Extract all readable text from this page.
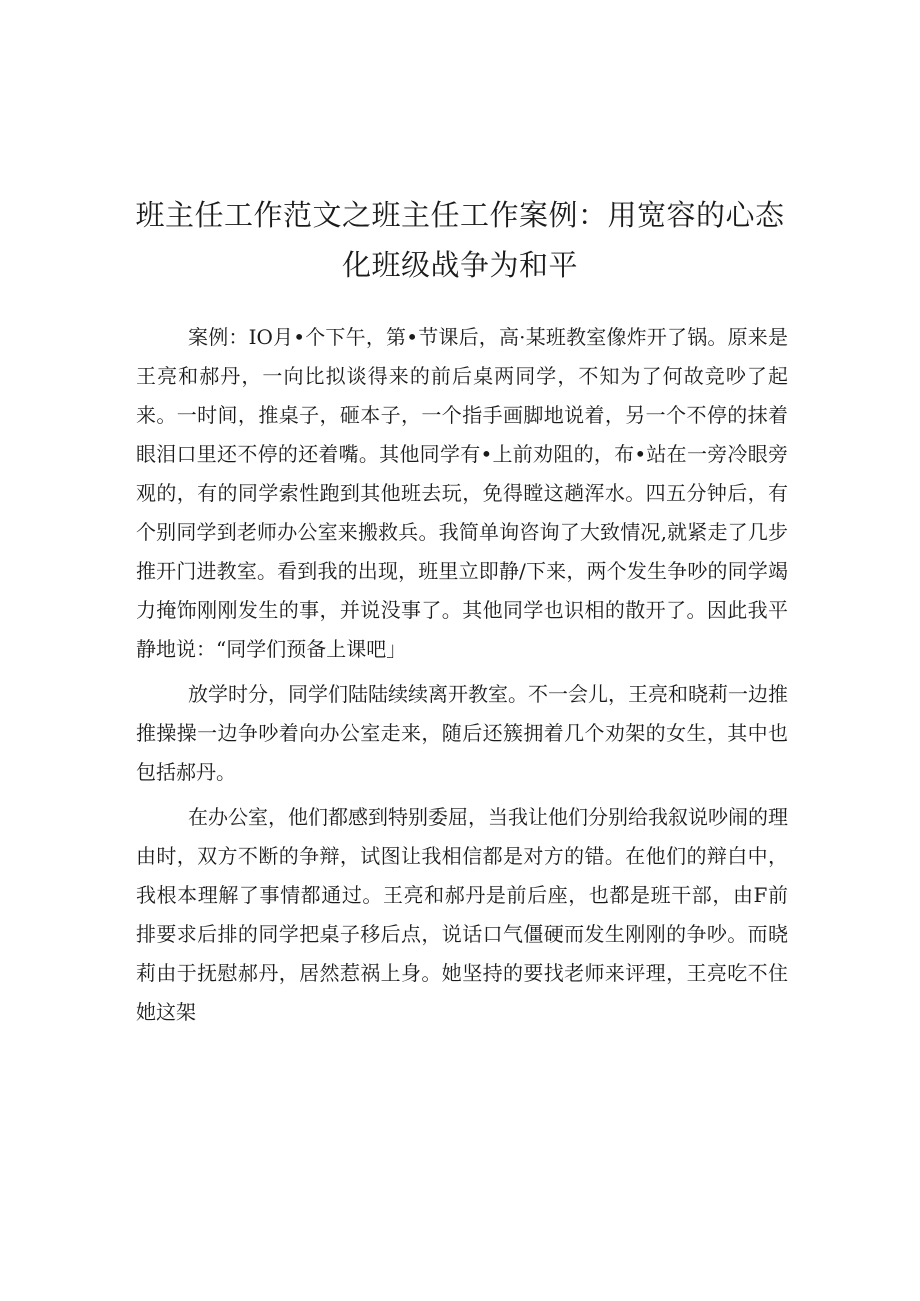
班主任工作范文之班主任工作案例：用宽容的心态化班级战争为和平

案例：IO月•个下午，第•节课后，高·某班教室像炸开了锅。原来是王亮和郝丹，一向比拟谈得来的前后桌两同学，不知为了何故竞吵了起来。一时间，推桌子，砸本子，一个指手画脚地说着，另一个不停的抹着眼泪口里还不停的还着嘴。其他同学有•上前劝阻的，布•站在一旁冷眼旁观的，有的同学索性跑到其他班去玩，免得瞠这趟浑水。四五分钟后，有个别同学到老师办公室来搬救兵。我简单询咨询了大致情况,就紧走了几步推开门进教室。看到我的出现，班里立即静/下来，两个发生争吵的同学竭力掩饰刚刚发生的事，并说没事了。其他同学也识相的散开了。因此我平静地说：“同学们预备上课吧」

放学时分，同学们陆陆续续离开教室。不一会儿，王亮和晓莉一边推推操操一边争吵着向办公室走来，随后还簇拥着几个劝架的女生，其中也包括郝丹。

在办公室，他们都感到特别委屈，当我让他们分别给我叙说吵闹的理由时，双方不断的争辩，试图让我相信都是对方的错。在他们的辩白中，我根本理解了事情都通过。王亮和郝丹是前后座，也都是班干部，由F前排要求后排的同学把桌子移后点，说话口气僵硬而发生刚刚的争吵。而晓莉由于抚慰郝丹，居然惹祸上身。她坚持的要找老师来评理，王亮吃不住她这架
